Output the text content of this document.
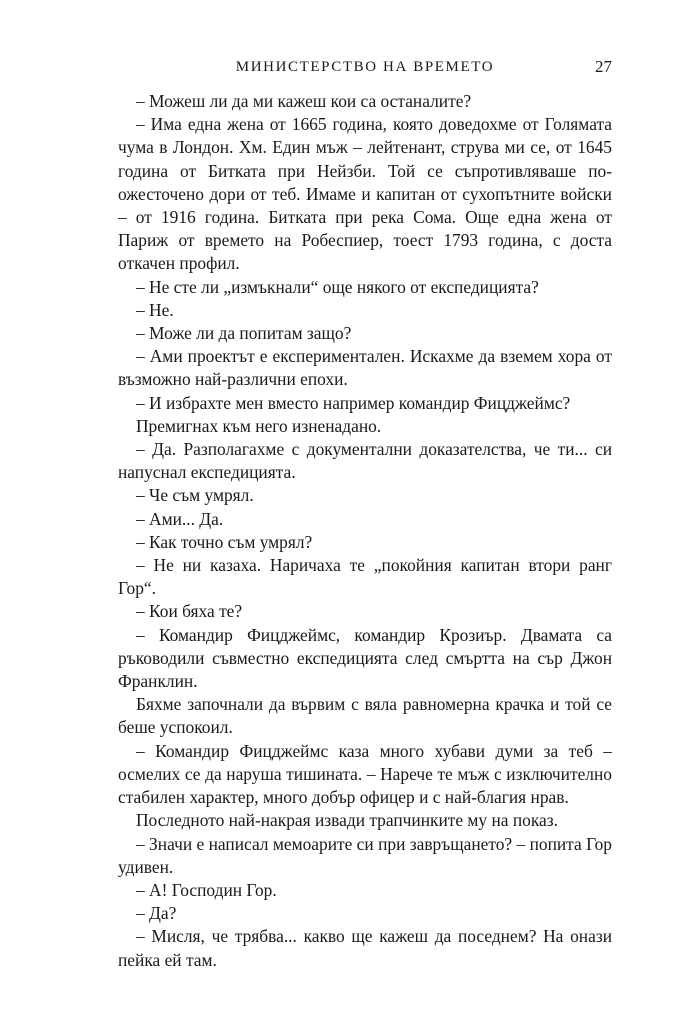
МИНИСТЕРСТВО НА ВРЕМЕТО	27

– Можеш ли да ми кажеш кои са останалите?

– Има една жена от 1665 година, която доведохме от Голямата чума в Лондон. Хм. Един мъж – лейтенант, струва ми се, от 1645 година от Битката при Нейзби. Той се съпротивляваше по-ожесточено дори от теб. Имаме и капитан от сухопътните войски – от 1916 година. Битката при река Сома. Още една жена от Париж от времето на Робеспиер, тоест 1793 година, с доста откачен профил.

– Не сте ли „измъкнали“ още някого от експедицията?

– Не.

– Може ли да попитам защо?

– Ами проектът е експериментален. Искахме да вземем хора от възможно най-различни епохи.

– И избрахте мен вместо например командир Фицджеймс?

Премигнах към него изненадано.

– Да. Разполагахме с документални доказателства, че ти... си напуснал експедицията.

– Че съм умрял.

– Ами... Да.

– Как точно съм умрял?

– Не ни казаха. Наричаха те „покойния капитан втори ранг Гор“.

– Кои бяха те?

– Командир Фицджеймс, командир Крозиър. Двамата са ръководили съвместно експедицията след смъртта на сър Джон Франклин.

Бяхме започнали да вървим с вяла равномерна крачка и той се беше успокоил.

– Командир Фицджеймс каза много хубави думи за теб – осмелих се да наруша тишината. – Нарече те мъж с изключително стабилен характер, много добър офицер и с най-благия нрав.

Последното най-накрая извади трапчинките му на показ.

– Значи е написал мемоарите си при завръщането? – попита Гор удивен.

– А! Господин Гор.

– Да?

– Мисля, че трябва... какво ще кажеш да поседнем? На онази пейка ей там.
